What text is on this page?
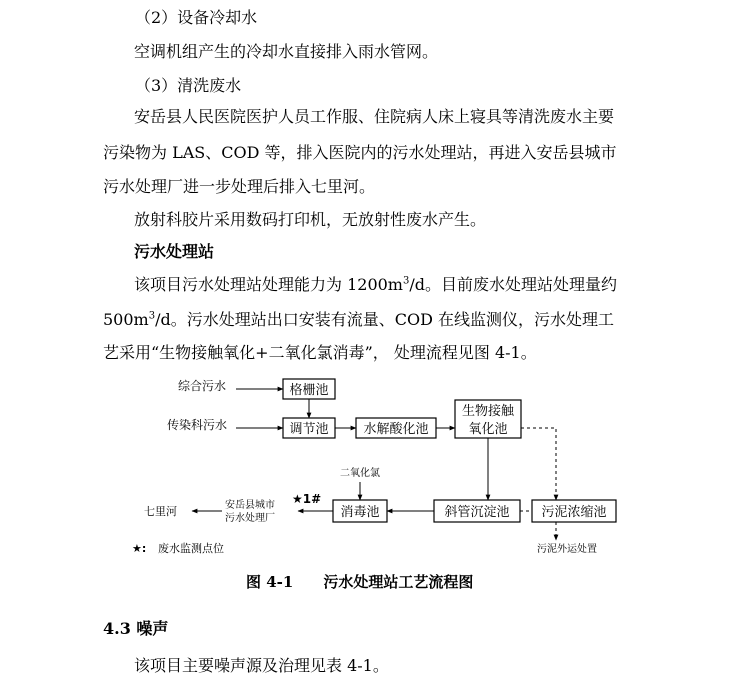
（2）设备冷却水
空调机组产生的冷却水直接排入雨水管网。
（3）清洗废水
安岳县人民医院医护人员工作服、住院病人床上寝具等清洗废水主要
污染物为 LAS、COD 等，排入医院内的污水处理站，再进入安岳县城市
污水处理厂进一步处理后排入七里河。
放射科胶片采用数码打印机，无放射性废水产生。
污水处理站
该项目污水处理站处理能力为 $1200m^3/d$。目前废水处理站处理量约
$500m^3/d$。污水处理站出口安装有流量、COD 在线监测仪，污水处理工
艺采用“生物接触氧化+二氧化氯消毒”， 处理流程见图 4-1。
综合污水
传染科污水
格栅池
调节池	水解酸化池
生物接触
氧化池
斜管沉淀池
消毒池	污泥浓缩池
二氧化氯
★1#
安岳县城市
污水处理厂
七里河
污泥外运处置
★: 废水监测点位
图 4-1　　污水处理站工艺流程图
4.3 噪声
该项目主要噪声源及治理见表 4-1。
